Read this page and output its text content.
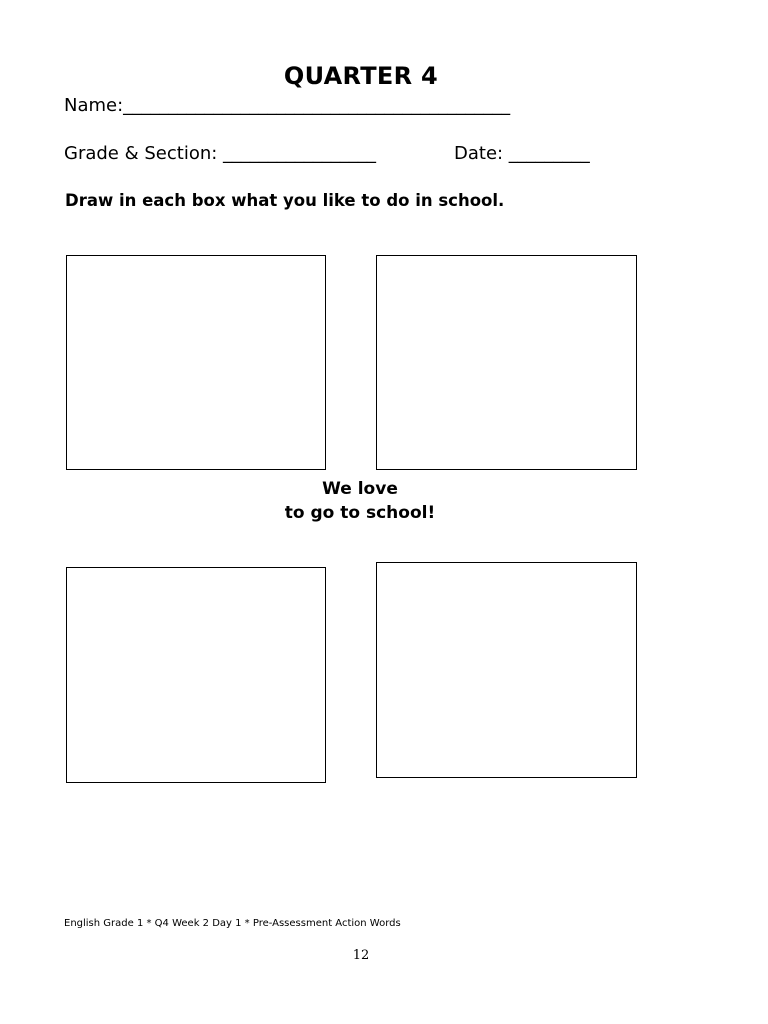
QUARTER 4
Name:___________________________________________
Grade & Section: _________________	Date: _________
Draw in each box what you like to do in school.
We love
to go to school!
English Grade 1 * Q4 Week 2 Day 1 * Pre-Assessment Action Words
12
